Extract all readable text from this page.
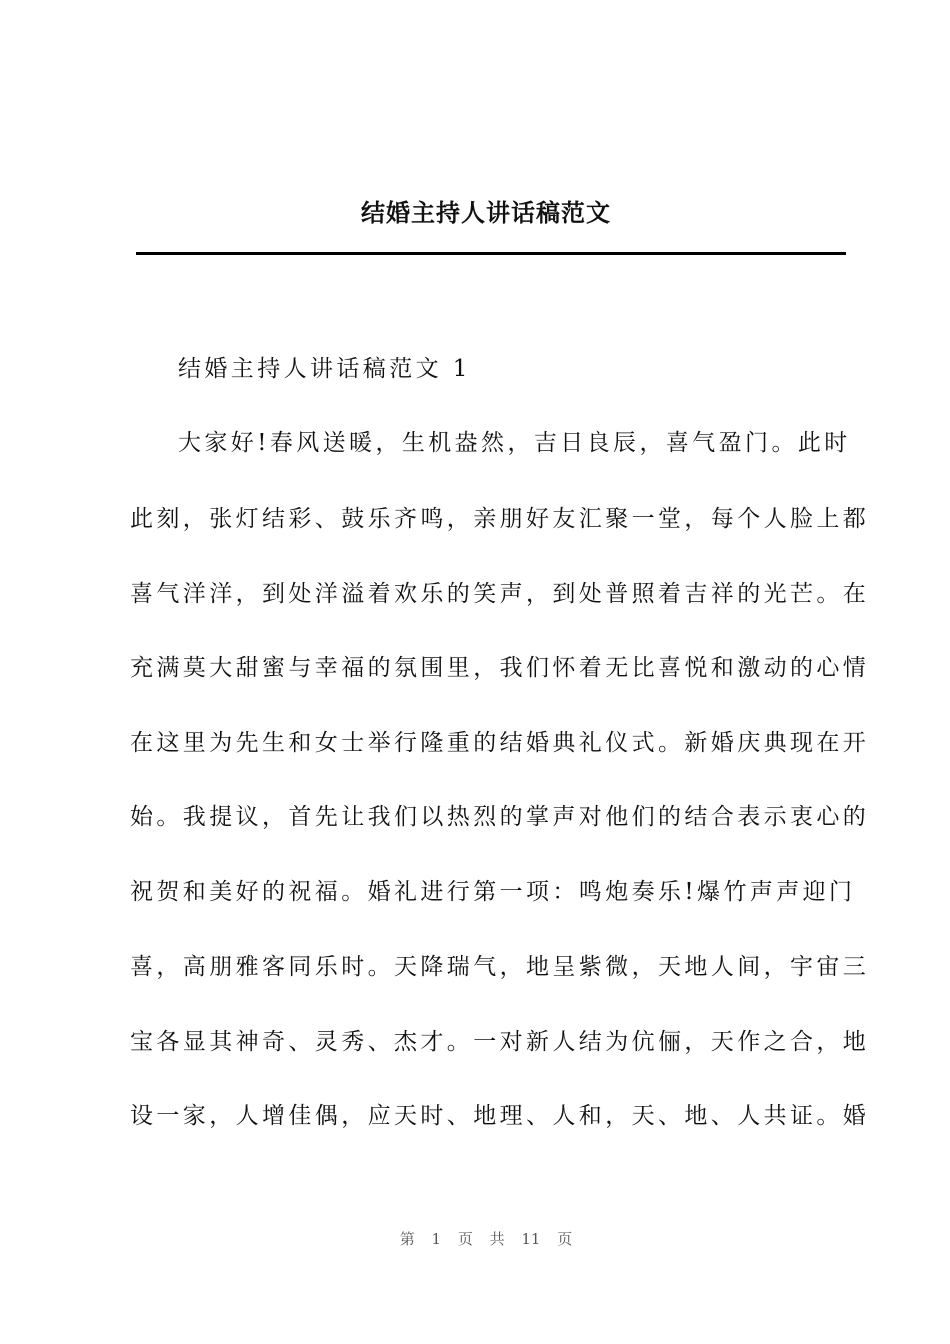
结婚主持人讲话稿范文
结婚主持人讲话稿范文 1
大家好!春风送暖，生机盎然，吉日良辰，喜气盈门。此时
此刻，张灯结彩、鼓乐齐鸣，亲朋好友汇聚一堂，每个人脸上都
喜气洋洋，到处洋溢着欢乐的笑声，到处普照着吉祥的光芒。在
充满莫大甜蜜与幸福的氛围里，我们怀着无比喜悦和激动的心情
在这里为先生和女士举行隆重的结婚典礼仪式。新婚庆典现在开
始。我提议，首先让我们以热烈的掌声对他们的结合表示衷心的
祝贺和美好的祝福。婚礼进行第一项：鸣炮奏乐!爆竹声声迎门
喜，高朋雅客同乐时。天降瑞气，地呈紫微，天地人间，宇宙三
宝各显其神奇、灵秀、杰才。一对新人结为伉俪，天作之合，地
设一家，人增佳偶，应天时、地理、人和，天、地、人共证。婚
第 1 页 共 11 页
